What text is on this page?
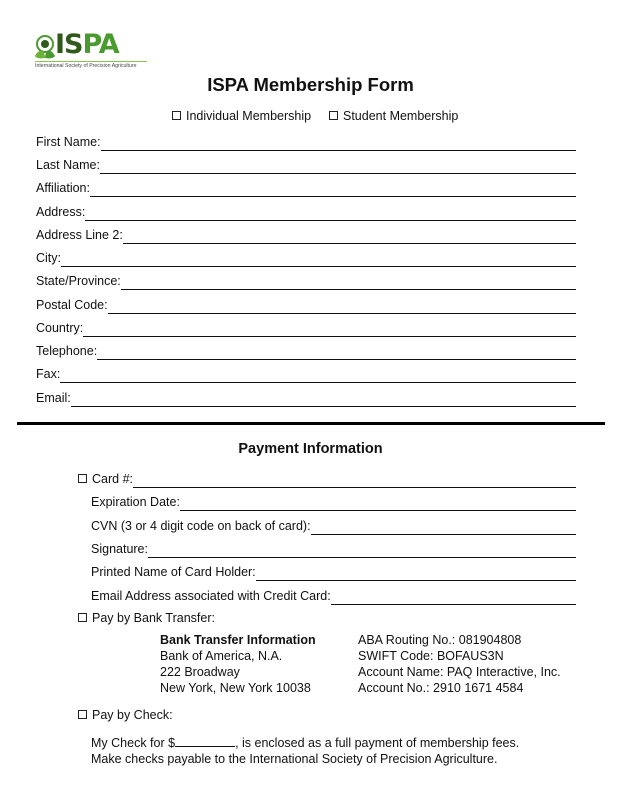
ISPA
International Society of Precision Agriculture
ISPA Membership Form
Individual Membership	Student Membership
First Name:
Last Name:
Affiliation:
Address:
Address Line 2:
City:
State/Province:
Postal Code:
Country:
Telephone:
Fax:
Email:
Payment Information
Card #:
Expiration Date:
CVN (3 or 4 digit code on back of card):
Signature:
Printed Name of Card Holder:
Email Address associated with Credit Card:
Pay by Bank Transfer:
Bank Transfer Information
Bank of America, N.A.
222 Broadway
New York, New York 10038
ABA Routing No.: 081904808
SWIFT Code: BOFAUS3N
Account Name: PAQ Interactive, Inc.
Account No.: 2910 1671 4584
Pay by Check:
My Check for $	, is enclosed as a full payment of membership fees.
Make checks payable to the International Society of Precision Agriculture.
